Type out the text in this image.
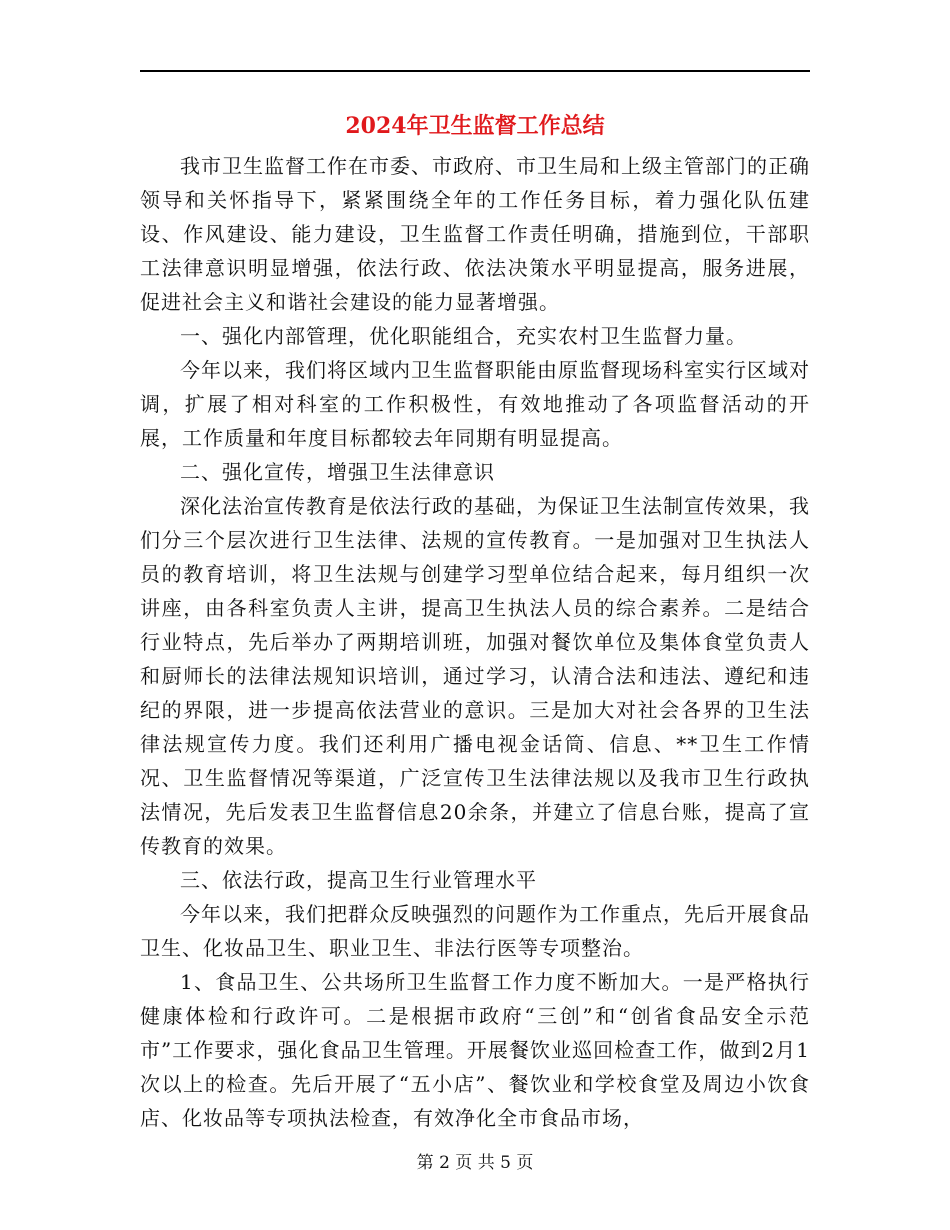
2024年卫生监督工作总结

我市卫生监督工作在市委、市政府、市卫生局和上级主管部门的正确领导和关怀指导下，紧紧围绕全年的工作任务目标，着力强化队伍建设、作风建设、能力建设，卫生监督工作责任明确，措施到位，干部职工法律意识明显增强，依法行政、依法决策水平明显提高，服务进展，促进社会主义和谐社会建设的能力显著增强。

一、强化内部管理，优化职能组合，充实农村卫生监督力量。

今年以来，我们将区域内卫生监督职能由原监督现场科室实行区域对调，扩展了相对科室的工作积极性，有效地推动了各项监督活动的开展，工作质量和年度目标都较去年同期有明显提高。

二、强化宣传，增强卫生法律意识

深化法治宣传教育是依法行政的基础，为保证卫生法制宣传效果，我们分三个层次进行卫生法律、法规的宣传教育。一是加强对卫生执法人员的教育培训，将卫生法规与创建学习型单位结合起来，每月组织一次讲座，由各科室负责人主讲，提高卫生执法人员的综合素养。二是结合行业特点，先后举办了两期培训班，加强对餐饮单位及集体食堂负责人和厨师长的法律法规知识培训，通过学习，认清合法和违法、遵纪和违纪的界限，进一步提高依法营业的意识。三是加大对社会各界的卫生法律法规宣传力度。我们还利用广播电视金话筒、信息、**卫生工作情况、卫生监督情况等渠道，广泛宣传卫生法律法规以及我市卫生行政执法情况，先后发表卫生监督信息20余条，并建立了信息台账，提高了宣传教育的效果。

三、依法行政，提高卫生行业管理水平

今年以来，我们把群众反映强烈的问题作为工作重点，先后开展食品卫生、化妆品卫生、职业卫生、非法行医等专项整治。

1、食品卫生、公共场所卫生监督工作力度不断加大。一是严格执行健康体检和行政许可。二是根据市政府“三创”和“创省食品安全示范市”工作要求，强化食品卫生管理。开展餐饮业巡回检查工作，做到2月1次以上的检查。先后开展了“五小店”、餐饮业和学校食堂及周边小饮食店、化妆品等专项执法检查，有效净化全市食品市场，

第 2 页 共 5 页
